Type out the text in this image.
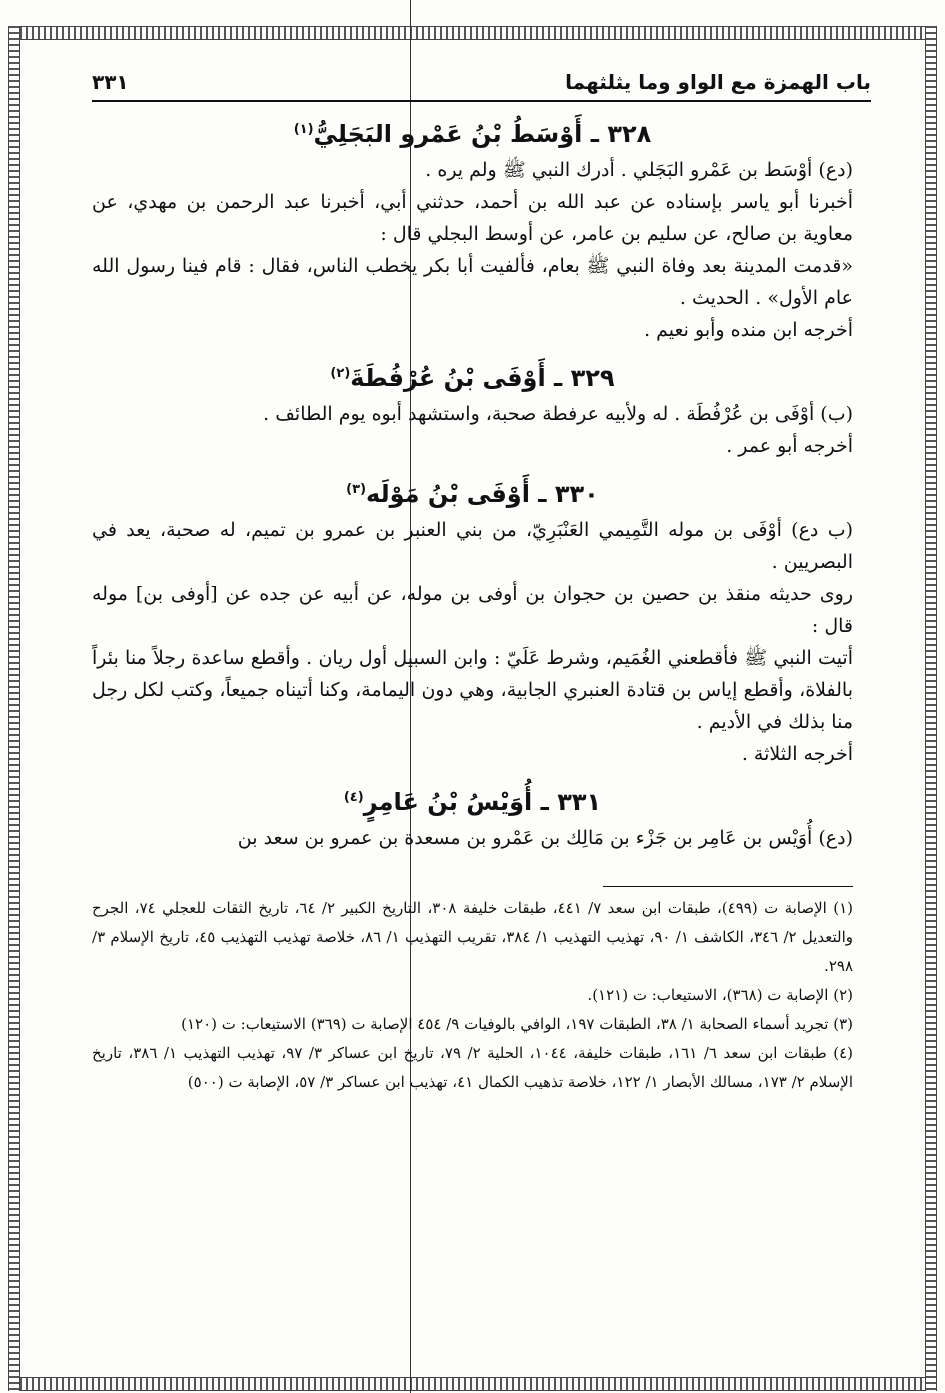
باب الهمزة مع الواو وما يثلثهما
٣٣١
٣٢٨ ـ أَوْسَطُ بْنُ عَمْرو البَجَلِيُّ$^{(١)}$

(دع) أوْسَط بن عَمْرو البَجَلي . أدرك النبي ﷺ ولم يره .

أخبرنا أبو ياسر بإسناده عن عبد الله بن أحمد، حدثني أبي، أخبرنا عبد الرحمن بن مهدي، عن معاوية بن صالح، عن سليم بن عامر، عن أوسط البجلي قال :

«قدمت المدينة بعد وفاة النبي ﷺ بعام، فألفيت أبا بكر يخطب الناس، فقال : قام فينا رسول الله عام الأول» . الحديث .

أخرجه ابن منده وأبو نعيم .

٣٢٩ ـ أَوْفَى بْنُ عُرْفُطَةَ$^{(٢)}$

(ب) أوْفَى بن عُرْفُطَة . له ولأبيه عرفطة صحبة، واستشهد أبوه يوم الطائف .

أخرجه أبو عمر .

٣٣٠ ـ أَوْفَى بْنُ مَوْلَه$^{(٣)}$

(ب دع) أوْفَى بن موله التَّمِيمي العَنْبَرِيّ، من بني العنبر بن عمرو بن تميم، له صحبة، يعد في البصريين .

روى حديثه منقذ بن حصين بن حجوان بن أوفى بن موله، عن أبيه عن جده عن [أوفى بن] موله قال :

أتيت النبي ﷺ فأقطعني الغُمَيم، وشرط عَلَيّ : وابن السبيل أول ريان . وأقطع ساعدة رجلاً منا بئراً بالفلاة، وأقطع إياس بن قتادة العنبري الجابية، وهي دون اليمامة، وكنا أتيناه جميعاً، وكتب لكل رجل منا بذلك في الأديم .

أخرجه الثلاثة .

٣٣١ ـ أُوَيْسُ بْنُ عَامِرٍ$^{(٤)}$

(دع) أُوَيْس بن عَامِر بن جَزْء بن مَالِك بن عَمْرو بن مسعدة بن عمرو بن سعد بن

(١) الإصابة ت (٤٩٩)، طبقات ابن سعد ٧/ ٤٤١، طبقات خليفة ٣٠٨، التاريخ الكبير ٢/ ٦٤، تاريخ الثقات للعجلي ٧٤، الجرح والتعديل ٢/ ٣٤٦، الكاشف ١/ ٩٠، تهذيب التهذيب ١/ ٣٨٤، تقريب التهذيب ١/ ٨٦، خلاصة تهذيب التهذيب ٤٥، تاريخ الإسلام ٣/ ٢٩٨.

(٢) الإصابة ت (٣٦٨)، الاستيعاب: ت (١٢١).

(٣) تجريد أسماء الصحابة ١/ ٣٨، الطبقات ١٩٧، الوافي بالوفيات ٩/ ٤٥٤ الإصابة ت (٣٦٩) الاستيعاب: ت (١٢٠)

(٤) طبقات ابن سعد ٦/ ١٦١، طبقات خليفة، ١٠٤٤، الحلية ٢/ ٧٩، تاريخ ابن عساكر ٣/ ٩٧، تهذيب التهذيب ١/ ٣٨٦، تاريخ الإسلام ٢/ ١٧٣، مسالك الأبصار ١/ ١٢٢، خلاصة تذهيب الكمال ٤١، تهذيب ابن عساكر ٣/ ٥٧، الإصابة ت (٥٠٠)
